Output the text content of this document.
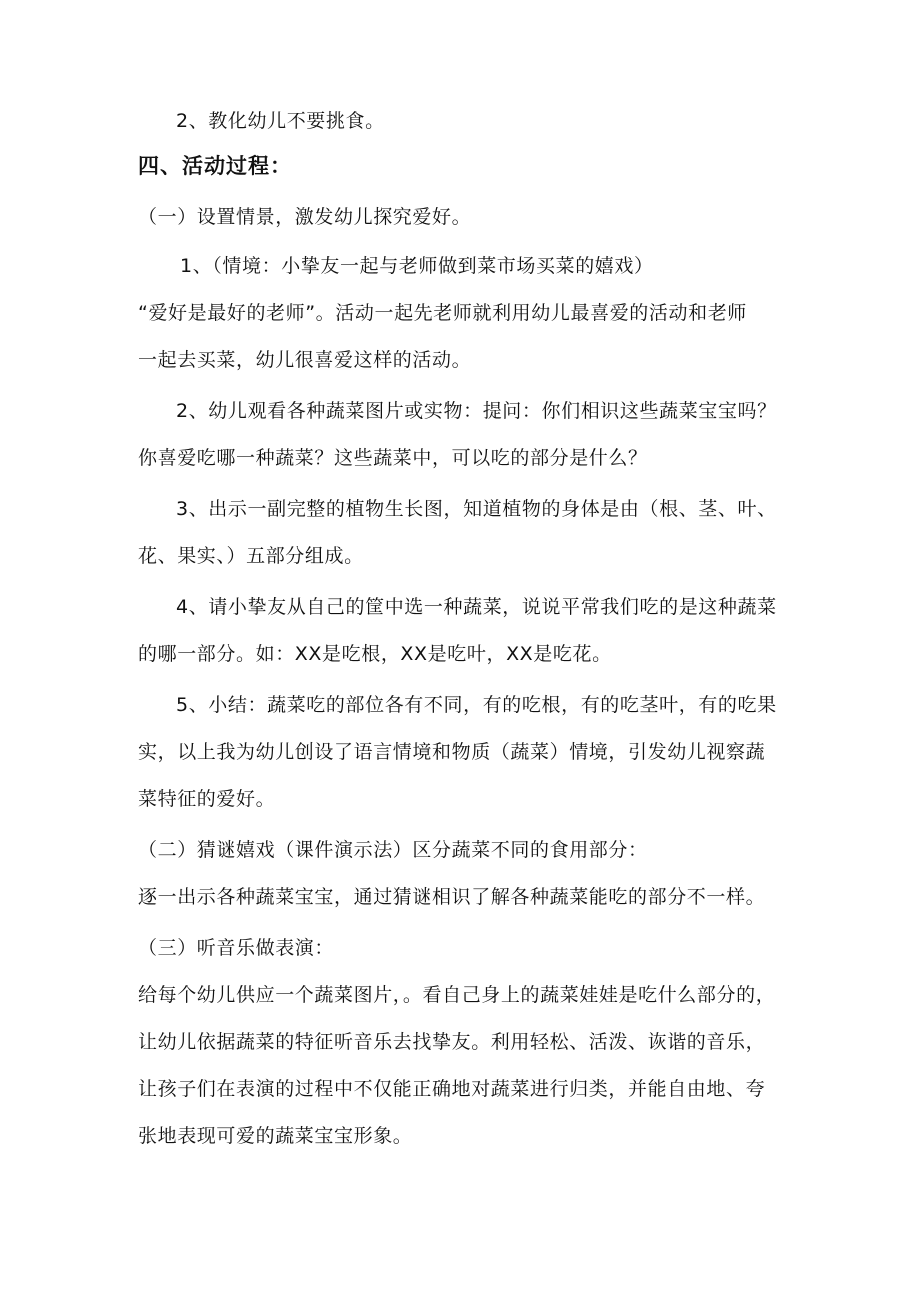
2、教化幼儿不要挑食。
四、活动过程：
（一）设置情景，激发幼儿探究爱好。
1、（情境：小挚友一起与老师做到菜市场买菜的嬉戏）
“爱好是最好的老师”。活动一起先老师就利用幼儿最喜爱的活动和老师
一起去买菜，幼儿很喜爱这样的活动。
2、幼儿观看各种蔬菜图片或实物：提问：你们相识这些蔬菜宝宝吗？
你喜爱吃哪一种蔬菜？这些蔬菜中，可以吃的部分是什么？
3、出示一副完整的植物生长图，知道植物的身体是由（根、茎、叶、
花、果实、）五部分组成。
4、请小挚友从自己的筐中选一种蔬菜，说说平常我们吃的是这种蔬菜
的哪一部分。如：XX是吃根，XX是吃叶，XX是吃花。
5、小结：蔬菜吃的部位各有不同，有的吃根，有的吃茎叶，有的吃果
实，以上我为幼儿创设了语言情境和物质（蔬菜）情境，引发幼儿视察蔬
菜特征的爱好。
（二）猜谜嬉戏（课件演示法）区分蔬菜不同的食用部分：
逐一出示各种蔬菜宝宝，通过猜谜相识了解各种蔬菜能吃的部分不一样。
（三）听音乐做表演：
给每个幼儿供应一个蔬菜图片，。看自己身上的蔬菜娃娃是吃什么部分的，
让幼儿依据蔬菜的特征听音乐去找挚友。利用轻松、活泼、诙谐的音乐，
让孩子们在表演的过程中不仅能正确地对蔬菜进行归类，并能自由地、夸
张地表现可爱的蔬菜宝宝形象。
